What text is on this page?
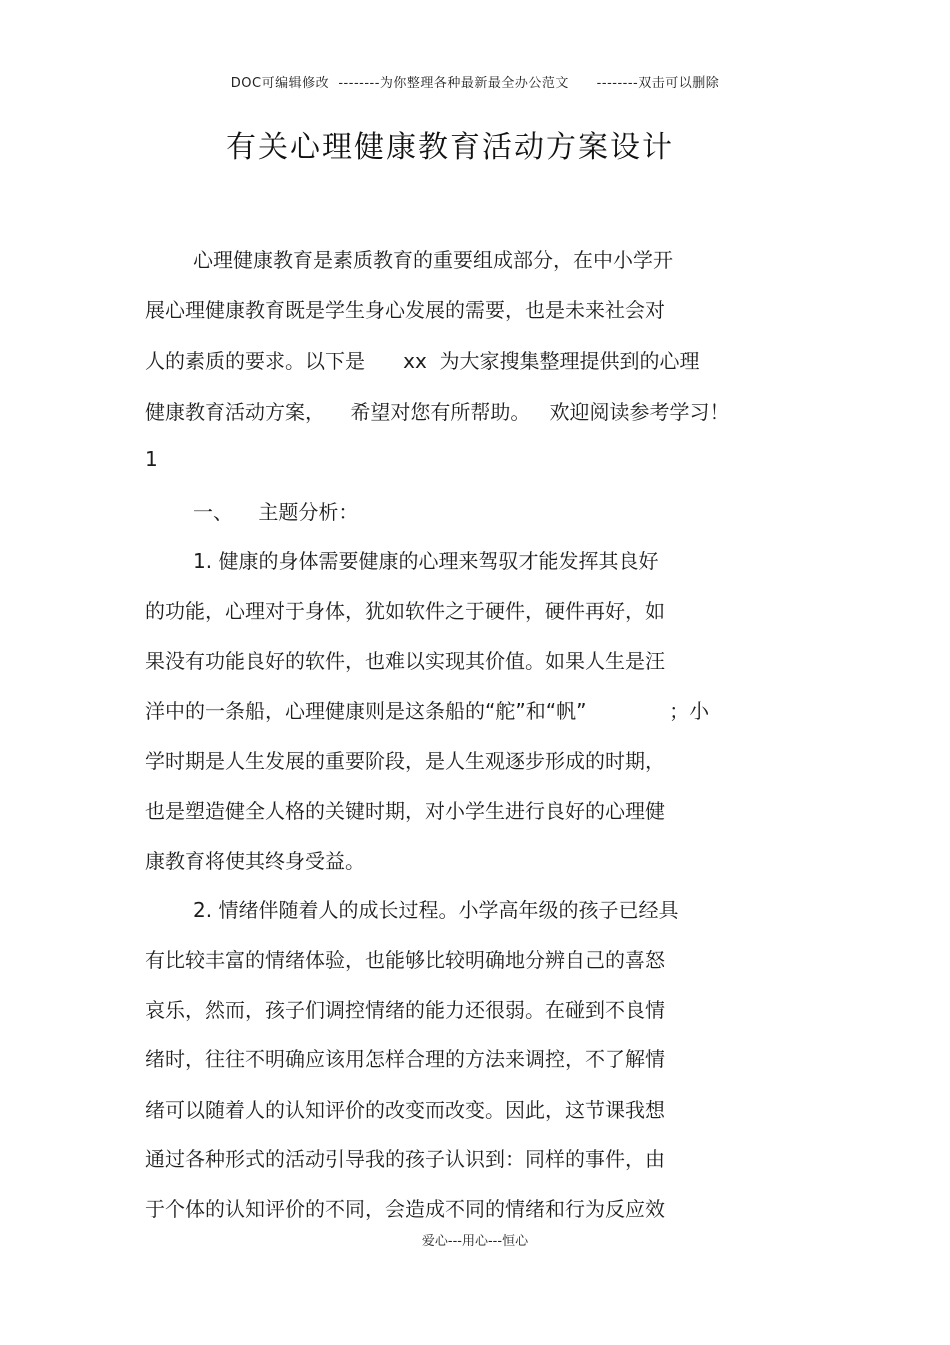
DOC可编辑修改  --------为你整理各种最新最全办公范文      --------双击可以删除
有关心理健康教育活动方案设计
心理健康教育是素质教育的重要组成部分，在中小学开
展心理健康教育既是学生身心发展的需要，也是未来社会对
人的素质的要求。以下是      xx  为大家搜集整理提供到的心理
健康教育活动方案，    希望对您有所帮助。   欢迎阅读参考学习！
1
一、    主题分析：
1. 健康的身体需要健康的心理来驾驭才能发挥其良好
的功能，心理对于身体，犹如软件之于硬件，硬件再好，如
果没有功能良好的软件，也难以实现其价值。如果人生是汪
洋中的一条船，心理健康则是这条船的“舵”和“帆”             ；小
学时期是人生发展的重要阶段，是人生观逐步形成的时期，
也是塑造健全人格的关键时期，对小学生进行良好的心理健
康教育将使其终身受益。
2. 情绪伴随着人的成长过程。小学高年级的孩子已经具
有比较丰富的情绪体验，也能够比较明确地分辨自己的喜怒
哀乐，然而，孩子们调控情绪的能力还很弱。在碰到不良情
绪时，往往不明确应该用怎样合理的方法来调控，不了解情
绪可以随着人的认知评价的改变而改变。因此，这节课我想
通过各种形式的活动引导我的孩子认识到：同样的事件，由
于个体的认知评价的不同，会造成不同的情绪和行为反应效
爱心---用心---恒心
